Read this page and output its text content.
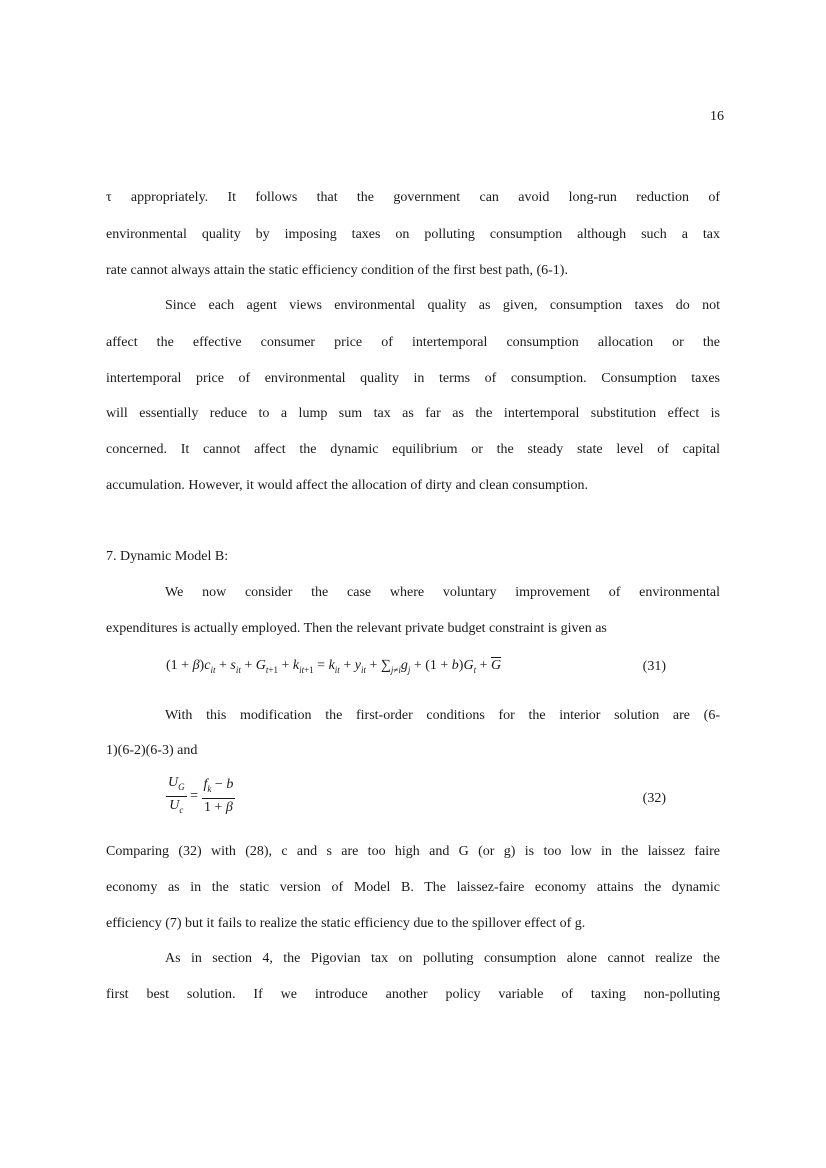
16
τ appropriately. It follows that the government can avoid long-run reduction of
environmental quality by imposing taxes on polluting consumption although such a tax
rate cannot always attain the static efficiency condition of the first best path, (6-1).
Since each agent views environmental quality as given, consumption taxes do not
affect the effective consumer price of intertemporal consumption allocation or the
intertemporal price of environmental quality in terms of consumption. Consumption taxes
will essentially reduce to a lump sum tax as far as the intertemporal substitution effect is
concerned. It cannot affect the dynamic equilibrium or the steady state level of capital
accumulation. However, it would affect the allocation of dirty and clean consumption.
7. Dynamic Model B:
We now consider the case where voluntary improvement of environmental
expenditures is actually employed. Then the relevant private budget constraint is given as
$(1 + \beta)c_{it} + s_{it} + G_{t+1} + k_{it+1} = k_{it} + y_{it} + \sum_{j\ne i}g_j + (1 + b)G_t + \overline{G}$	(31)
With this modification the first-order conditions for the interior solution are (6-
1)(6-2)(6-3) and
$\frac{U_G}{U_c} = \frac{f_k - b}{1 + \beta}$	(32)
Comparing (32) with (28), c and s are too high and G (or g) is too low in the laissez faire
economy as in the static version of Model B. The laissez-faire economy attains the dynamic
efficiency (7) but it fails to realize the static efficiency due to the spillover effect of g.
As in section 4, the Pigovian tax on polluting consumption alone cannot realize the
first best solution. If we introduce another policy variable of taxing non-polluting
